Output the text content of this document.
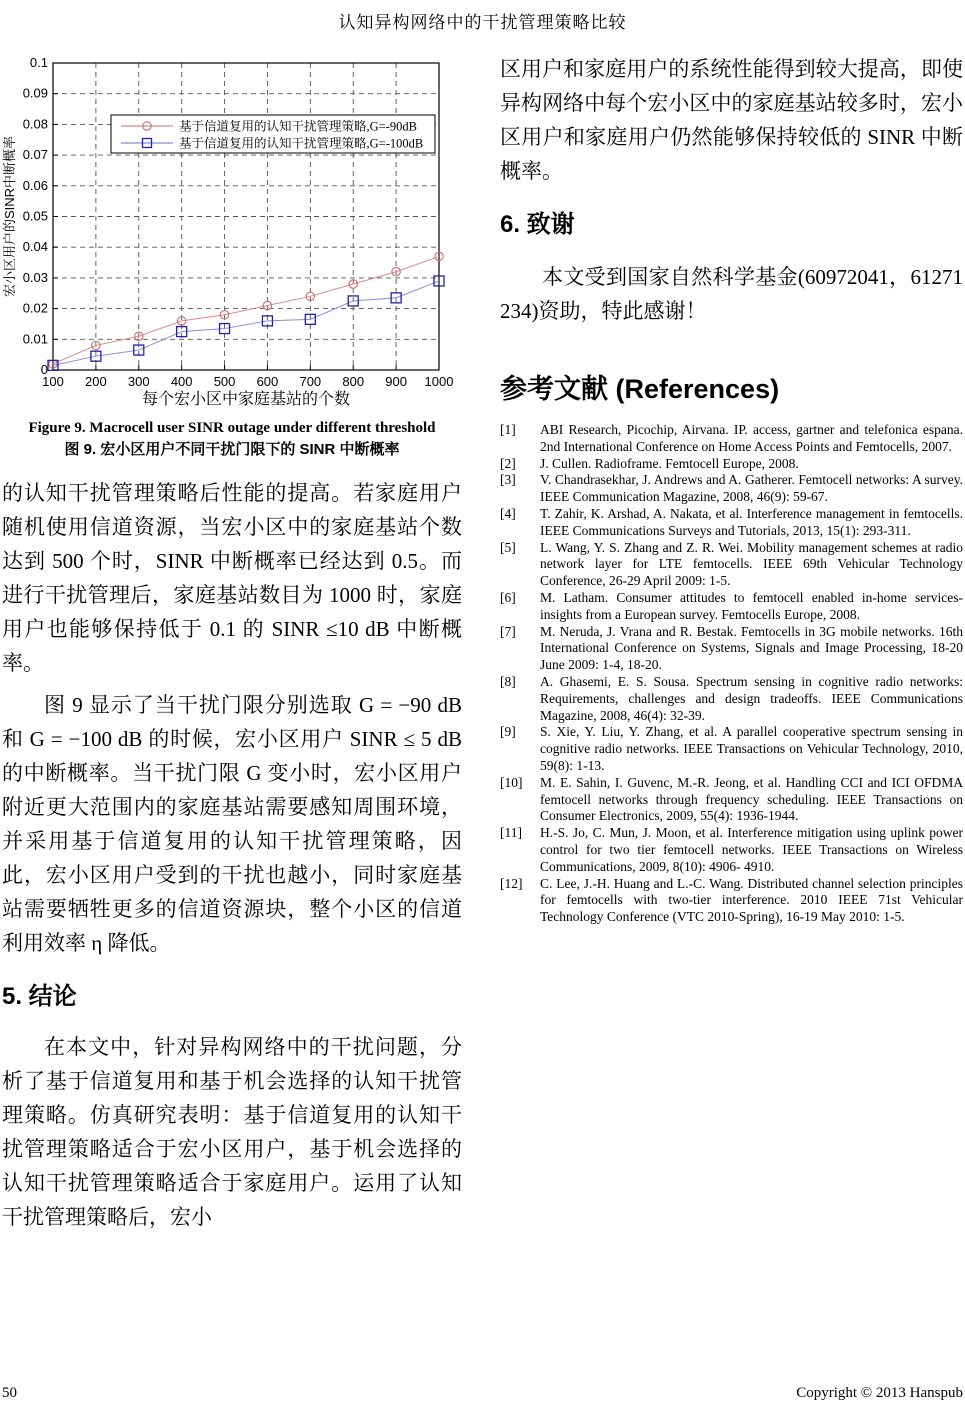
认知异构网络中的干扰管理策略比较
0
0.01
0.02
0.03
0.04
0.05
0.06
0.07
0.08
0.09
0.1
100 200 300 400 500 600 700 800 900 1000
宏小区用户的SINR中断概率
每个宏小区中家庭基站的个数
基于信道复用的认知干扰管理策略,G=-90dB
基于信道复用的认知干扰管理策略,G=-100dB
Figure 9. Macrocell user SINR outage under different threshold
图 9. 宏小区用户不同干扰门限下的 SINR 中断概率
的认知干扰管理策略后性能的提高。若家庭用户随机使用信道资源，当宏小区中的家庭基站个数达到 500 个时，SINR 中断概率已经达到 0.5。而进行干扰管理后，家庭基站数目为 1000 时，家庭用户也能够保持低于 0.1 的 SINR ≤10 dB 中断概率。
图 9 显示了当干扰门限分别选取 G = −90 dB 和 G = −100 dB 的时候，宏小区用户 SINR ≤ 5 dB 的中断概率。当干扰门限 G 变小时，宏小区用户附近更大范围内的家庭基站需要感知周围环境，并采用基于信道复用的认知干扰管理策略，因此，宏小区用户受到的干扰也越小，同时家庭基站需要牺牲更多的信道资源块，整个小区的信道利用效率 η 降低。
5. 结论
在本文中，针对异构网络中的干扰问题，分析了基于信道复用和基于机会选择的认知干扰管理策略。仿真研究表明：基于信道复用的认知干扰管理策略适合于宏小区用户，基于机会选择的认知干扰管理策略适合于家庭用户。运用了认知干扰管理策略后，宏小
区用户和家庭用户的系统性能得到较大提高，即使异构网络中每个宏小区中的家庭基站较多时，宏小区用户和家庭用户仍然能够保持较低的 SINR 中断概率。
6. 致谢
本文受到国家自然科学基金(60972041，61271234)资助，特此感谢！
参考文献 (References)
[1]	ABI Research, Picochip, Airvana. IP. access, gartner and telefonica espana. 2nd International Conference on Home Access Points and Femtocells, 2007.
[2]	J. Cullen. Radioframe. Femtocell Europe, 2008.
[3]	V. Chandrasekhar, J. Andrews and A. Gatherer. Femtocell networks: A survey. IEEE Communication Magazine, 2008, 46(9): 59-67.
[4]	T. Zahir, K. Arshad, A. Nakata, et al. Interference management in femtocells. IEEE Communications Surveys and Tutorials, 2013, 15(1): 293-311.
[5]	L. Wang, Y. S. Zhang and Z. R. Wei. Mobility management schemes at radio network layer for LTE femtocells. IEEE 69th Vehicular Technology Conference, 26-29 April 2009: 1-5.
[6]	M. Latham. Consumer attitudes to femtocell enabled in-home services-insights from a European survey. Femtocells Europe, 2008.
[7]	M. Neruda, J. Vrana and R. Bestak. Femtocells in 3G mobile networks. 16th International Conference on Systems, Signals and Image Processing, 18-20 June 2009: 1-4, 18-20.
[8]	A. Ghasemi, E. S. Sousa. Spectrum sensing in cognitive radio networks: Requirements, challenges and design tradeoffs. IEEE Communications Magazine, 2008, 46(4): 32-39.
[9]	S. Xie, Y. Liu, Y. Zhang, et al. A parallel cooperative spectrum sensing in cognitive radio networks. IEEE Transactions on Vehicular Technology, 2010, 59(8): 1-13.
[10]	M. E. Sahin, I. Guvenc, M.-R. Jeong, et al. Handling CCI and ICI OFDMA femtocell networks through frequency scheduling. IEEE Transactions on Consumer Electronics, 2009, 55(4): 1936-1944.
[11]	H.-S. Jo, C. Mun, J. Moon, et al. Interference mitigation using uplink power control for two tier femtocell networks. IEEE Transactions on Wireless Communications, 2009, 8(10): 4906- 4910.
[12]	C. Lee, J.-H. Huang and L.-C. Wang. Distributed channel selection principles for femtocells with two-tier interference. 2010 IEEE 71st Vehicular Technology Conference (VTC 2010-Spring), 16-19 May 2010: 1-5.
50	Copyright © 2013 Hanspub
